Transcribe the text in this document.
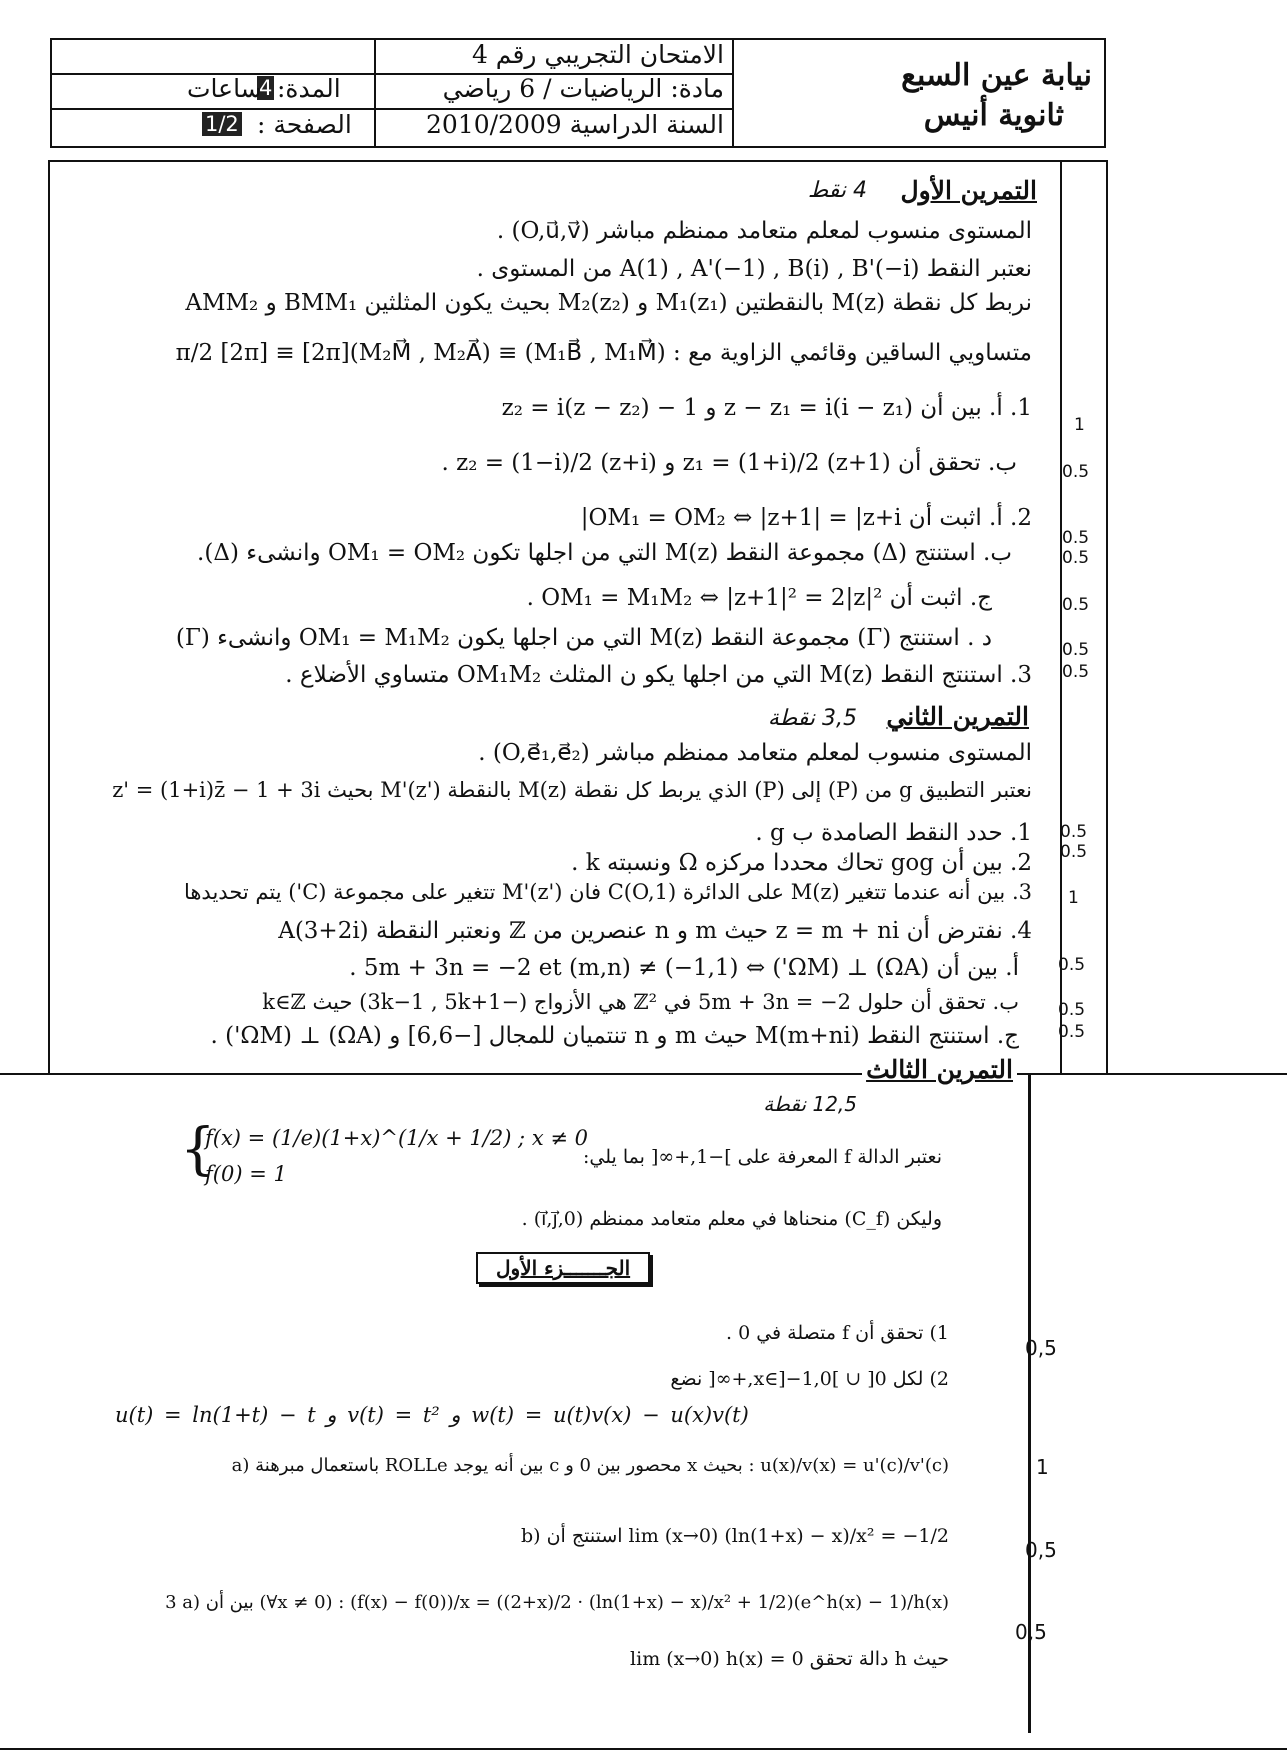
نيابة عين السبع
ثانوية أنيس
الامتحان التجريبي رقم 4
مادة: الرياضيات / 6 رياضي
السنة الدراسية 2010/2009
المدة:
4
ساعات
الصفحة :
1/2
التمرين الأول
4 نقط
المستوى منسوب لمعلم متعامد ممنظم مباشر (O,u⃗,v⃗) .
نعتبر النقط A(1) , A'(−1) , B(i) , B'(−i) من المستوى .
نربط كل نقطة M(z) بالنقطتين M₁(z₁) و M₂(z₂) بحيث يكون المثلثين BMM₁ و AMM₂
متساويي الساقين وقائمي الزاوية مع : (M₁B⃗ , M₁M⃗) ≡ (M₂M⃗ , M₂A⃗)[2π] ≡ π/2 [2π]
1. أ. بين أن z − z₁ = i(i − z₁) و 1 − z₂ = i(z − z₂)
ب. تحقق أن z₁ = (1+i)/2 (z+1) و z₂ = (1−i)/2 (z+i) .
2. أ. اثبت أن OM₁ = OM₂ ⇔ |z+1| = |z+i|
ب. استنتج (Δ) مجموعة النقط M(z) التي من اجلها تكون OM₁ = OM₂ وانشىء (Δ).
ج. اثبت أن OM₁ = M₁M₂ ⇔ |z+1|² = 2|z|² .
د . استنتج (Γ) مجموعة النقط M(z) التي من اجلها يكون OM₁ = M₁M₂ وانشىء (Γ)
3. استنتج النقط M(z) التي من اجلها يكو ن المثلث OM₁M₂ متساوي الأضلاع .
1
0.5
0.5
0.5
0.5
0.5
0.5
التمرين الثاني
3,5 نقطة
المستوى منسوب لمعلم متعامد ممنظم مباشر (O,e⃗₁,e⃗₂) .
نعتبر التطبيق g من (P) إلى (P) الذي يربط كل نقطة M(z) بالنقطة M'(z') بحيث z' = (1+i)z̄ − 1 + 3i
1. حدد النقط الصامدة ب g .
2. بين أن gog تحاك محددا مركزه Ω ونسبته k .
3. بين أنه عندما تتغير M(z) على الدائرة C(O,1) فان M'(z') تتغير على مجموعة (C') يتم تحديدها
4. نفترض أن z = m + ni حيث m و n عنصرين من ℤ ونعتبر النقطة A(3+2i)
أ. بين أن (ΩA) ⊥ (ΩM') ⇔ 5m + 3n = −2 et (m,n) ≠ (−1,1) .
ب. تحقق أن حلول 5m + 3n = −2 في ℤ² هي الأزواج (−3k−1 , 5k+1) حيث k∈ℤ
ج. استنتج النقط M(m+ni) حيث m و n تنتميان للمجال [−6,6] و (ΩA) ⊥ (ΩM') .
0.5
0.5
1
0.5
0.5
0.5
التمرين الثالث
12,5 نقطة
{
f(x) = (1/e)(1+x)^(1/x + 1/2) ; x ≠ 0
f(0) = 1
نعتبر الدالة f المعرفة على ]−1,+∞[ بما يلي:
وليكن (C_f) منحناها في معلم متعامد ممنظم (0,i⃗,j⃗) .
الجـــــــزء الأول
1) تحقق أن f متصلة في 0 .
2) لكل x∈]−1,0[ ∪ ]0,+∞[ نضع
u(t) = ln(1+t) − t و v(t) = t² و w(t) = u(t)v(x) − u(x)v(t)
a) باستعمال مبرهنة ROLLe بين أنه يوجد c محصور بين 0 و x بحيث : u(x)/v(x) = u'(c)/v'(c)
b) استنتج أن lim (x→0) (ln(1+x) − x)/x² = −1/2
3 a) بين أن (∀x ≠ 0) : (f(x) − f(0))/x = ((2+x)/2 · (ln(1+x) − x)/x² + 1/2)(e^h(x) − 1)/h(x)
حيث h دالة تحقق lim (x→0) h(x) = 0
0,5
1
0,5
0,5
